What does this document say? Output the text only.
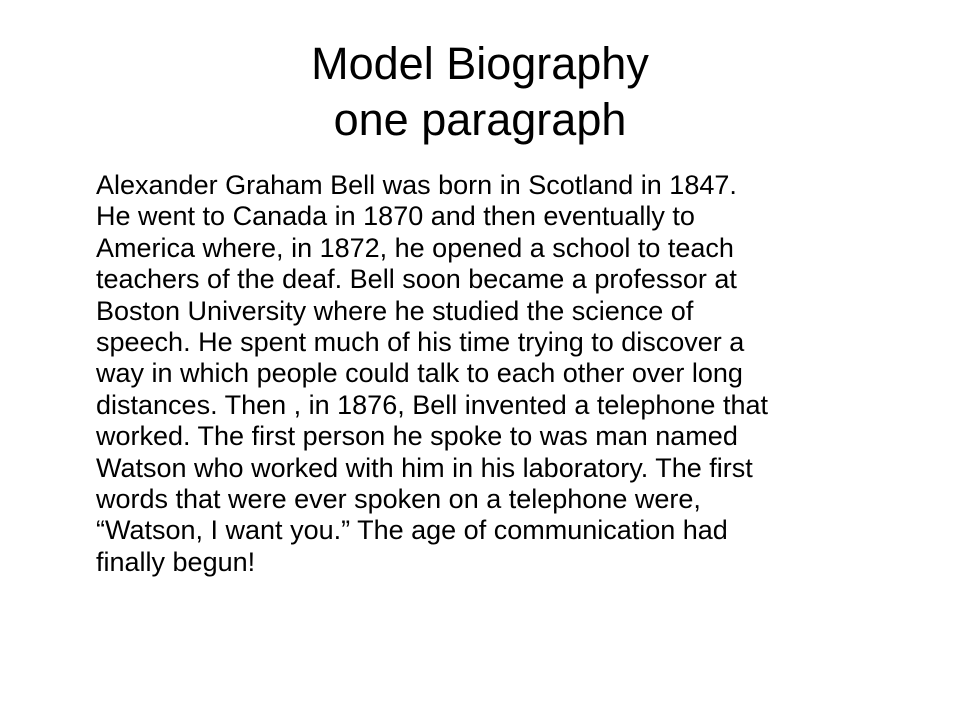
Model Biography
one paragraph
Alexander Graham Bell was born in Scotland in 1847.
He went to Canada in 1870 and then eventually to
America where, in 1872, he opened a school to teach
teachers of the deaf. Bell soon became a professor at
Boston University where he studied the science of
speech. He spent much of his time trying to discover a
way in which people could talk to each other over long
distances. Then , in 1876, Bell invented a telephone that
worked. The first person he spoke to was man named
Watson who worked with him in his laboratory. The first
words that were ever spoken on a telephone were,
“Watson, I want you.” The age of communication had
finally begun!
